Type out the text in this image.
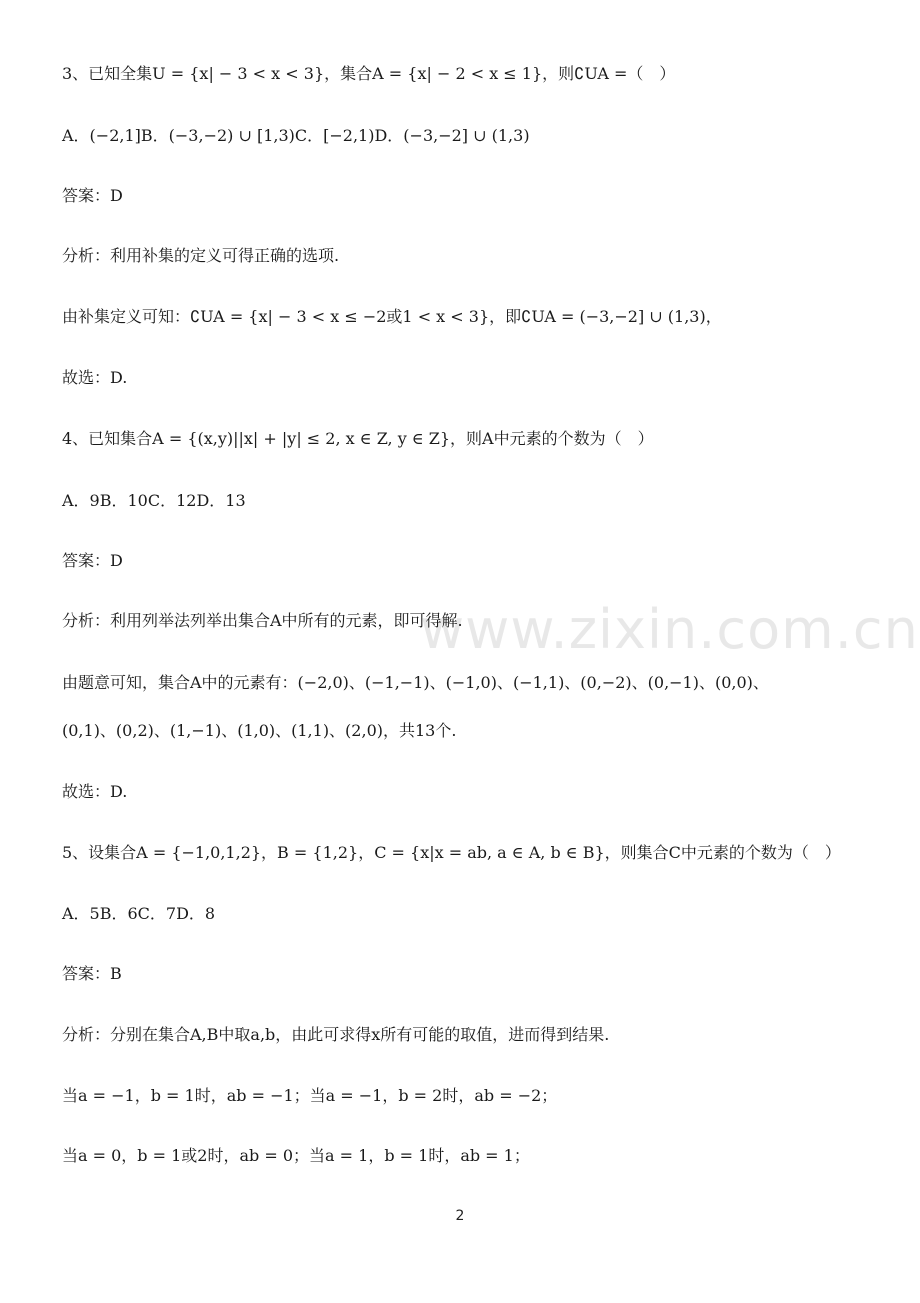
www.zixin.com.cn
3、已知全集U = {x| − 3 < x < 3}，集合A = {x| − 2 < x ≤ 1}，则∁UA =（　）
A．(−2,1]B．(−3,−2) ∪ [1,3)C．[−2,1)D．(−3,−2] ∪ (1,3)
答案：D
分析：利用补集的定义可得正确的选项.
由补集定义可知：∁UA = {x| − 3 < x ≤ −2或1 < x < 3}，即∁UA = (−3,−2] ∪ (1,3)，
故选：D.
4、已知集合A = {(x,y)||x| + |y| ≤ 2, x ∈ Z, y ∈ Z}，则A中元素的个数为（　）
A．9B．10C．12D．13
答案：D
分析：利用列举法列举出集合A中所有的元素，即可得解.
由题意可知，集合A中的元素有：(−2,0)、(−1,−1)、(−1,0)、(−1,1)、(0,−2)、(0,−1)、(0,0)、
(0,1)、(0,2)、(1,−1)、(1,0)、(1,1)、(2,0)，共13个.
故选：D.
5、设集合A = {−1,0,1,2}，B = {1,2}，C = {x|x = ab, a ∈ A, b ∈ B}，则集合C中元素的个数为（　）
A．5B．6C．7D．8
答案：B
分析：分别在集合A,B中取a,b，由此可求得x所有可能的取值，进而得到结果.
当a = −1，b = 1时，ab = −1；当a = −1，b = 2时，ab = −2；
当a = 0，b = 1或2时，ab = 0；当a = 1，b = 1时，ab = 1；
2
